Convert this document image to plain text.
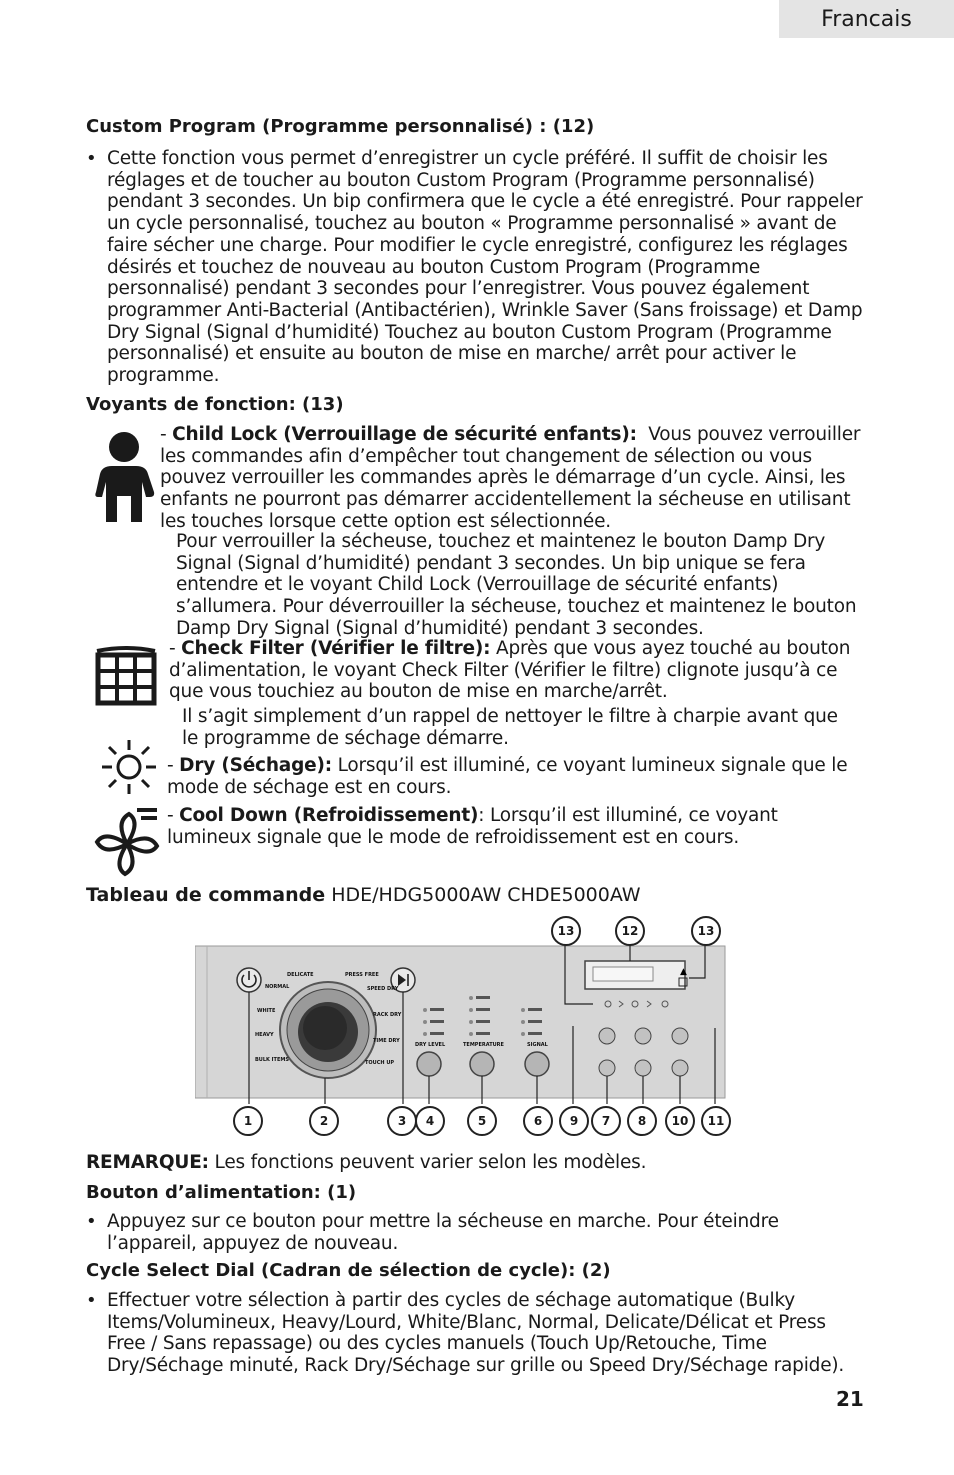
Francais
Custom Program (Programme personnalisé) : (12)
• Cette fonction vous permet d’enregistrer un cycle préféré. Il suffit de choisir les réglages et de toucher au bouton Custom Program (Programme personnalisé) pendant 3 secondes. Un bip confirmera que le cycle a été enregistré. Pour rappeler un cycle personnalisé, touchez au bouton « Programme personnalisé » avant de faire sécher une charge. Pour modifier le cycle enregistré, configurez les réglages désirés et touchez de nouveau au bouton Custom Program (Programme personnalisé) pendant 3 secondes pour l’enregistrer. Vous pouvez également programmer Anti-Bacterial (Antibactérien), Wrinkle Saver (Sans froissage) et Damp Dry Signal (Signal d’humidité) Touchez au bouton Custom Program (Programme personnalisé) et ensuite au bouton de mise en marche/ arrêt pour activer le programme.
Voyants de fonction: (13)
- Child Lock (Verrouillage de sécurité enfants): Vous pouvez verrouiller les commandes afin d’empêcher tout changement de sélection ou vous pouvez verrouiller les commandes après le démarrage d’un cycle. Ainsi, les enfants ne pourront pas démarrer accidentellement la sécheuse en utilisant les touches lorsque cette option est sélectionnée.
Pour verrouiller la sécheuse, touchez et maintenez le bouton Damp Dry Signal (Signal d’humidité) pendant 3 secondes. Un bip unique se fera entendre et le voyant Child Lock (Verrouillage de sécurité enfants) s’allumera. Pour déverrouiller la sécheuse, touchez et maintenez le bouton Damp Dry Signal (Signal d’humidité) pendant 3 secondes.
- Check Filter (Vérifier le filtre): Après que vous ayez touché au bouton d’alimentation, le voyant Check Filter (Vérifier le filtre) clignote jusqu’à ce que vous touchiez au bouton de mise en marche/arrêt.
Il s’agit simplement d’un rappel de nettoyer le filtre à charpie avant que le programme de séchage démarre.
- Dry (Séchage): Lorsqu’il est illuminé, ce voyant lumineux signale que le mode de séchage est en cours.
- Cool Down (Refroidissement): Lorsqu’il est illuminé, ce voyant lumineux signale que le mode de refroidissement est en cours.
Tableau de commande HDE/HDG5000AW CHDE5000AW
▲
DELICATE	PRESS FREE
NORMAL	SPEED DRY
WHITE
RACK DRY
HEAVY
TIME DRY
BULK ITEMS	TOUCH UP
DRY LEVEL	TEMPERATURE	SIGNAL
1	2	3	4	5	6	7	8
9	10	11
12
13	13
REMARQUE: Les fonctions peuvent varier selon les modèles.
Bouton d’alimentation: (1)
• Appuyez sur ce bouton pour mettre la sécheuse en marche. Pour éteindre l’appareil, appuyez de nouveau.
Cycle Select Dial (Cadran de sélection de cycle): (2)
• Effectuer votre sélection à partir des cycles de séchage automatique (Bulky Items/Volumineux, Heavy/Lourd, White/Blanc, Normal, Delicate/Délicat et Press Free / Sans repassage) ou des cycles manuels (Touch Up/Retouche, Time Dry/Séchage minuté, Rack Dry/Séchage sur grille ou Speed Dry/Séchage rapide).
21
